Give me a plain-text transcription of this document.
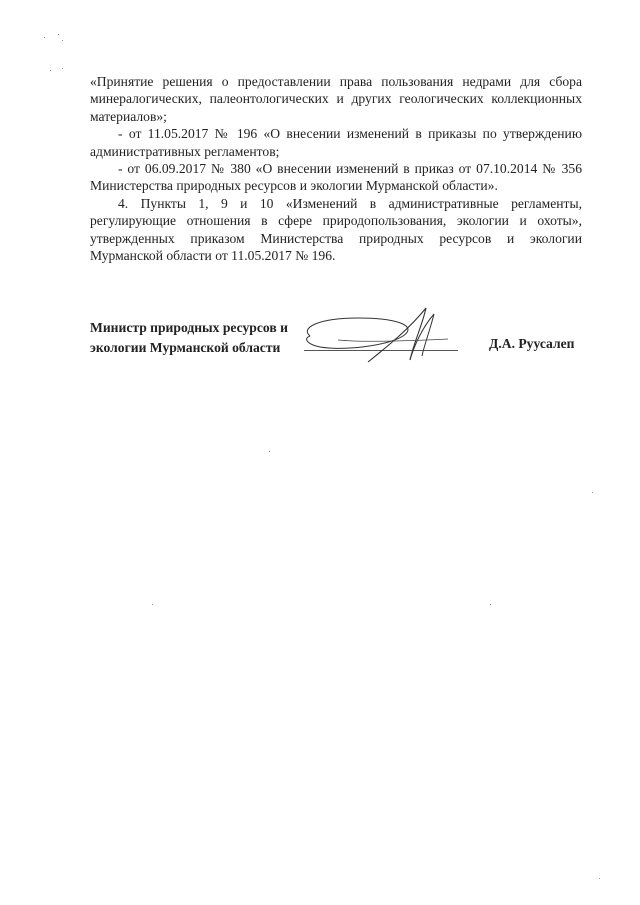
«Принятие решения о предоставлении права пользования недрами для сбора минералогических, палеонтологических и других геологических коллекционных материалов»;

- от 11.05.2017 № 196 «О внесении изменений в приказы по утверждению административных регламентов;

- от 06.09.2017 № 380 «О внесении изменений в приказ от 07.10.2014 № 356 Министерства природных ресурсов и экологии Мурманской области».

4. Пункты 1, 9 и 10 «Изменений в административные регламенты, регулирующие отношения в сфере природопользования, экологии и охоты», утвержденных приказом Министерства природных ресурсов и экологии Мурманской области от 11.05.2017 № 196.

Министр природных ресурсов и
экологии Мурманской области	Д.А. Руусалеп
